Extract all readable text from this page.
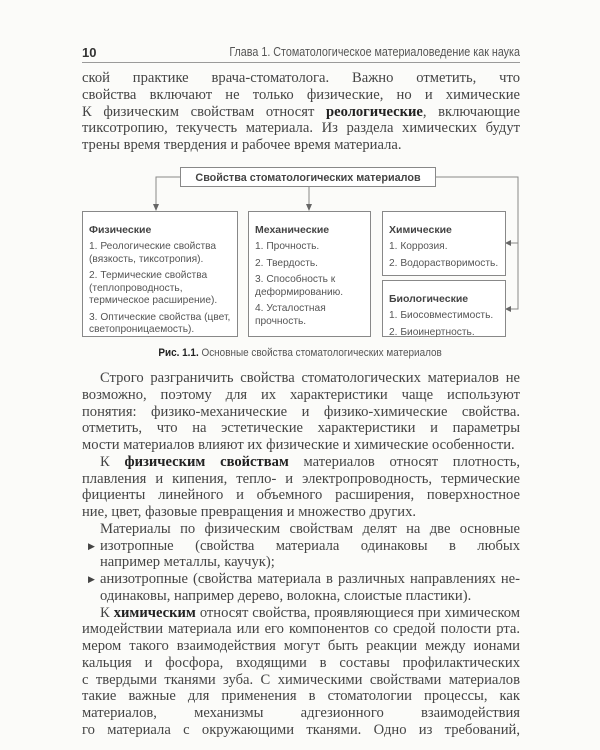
10	Глава 1. Стоматологическое материаловедение как наука
ской практике врача-стоматолога. Важно отметить, что
свойства включают не только физические, но и химические
К физическим свойствам относят реологические, включающие
тиксотропию, текучесть материала. Из раздела химических будут
трены время твердения и рабочее время материала.
Свойства стоматологических материалов
Физические
1. Реологические свойства (вязкость, тиксотропия).
2. Термические свойства (теплопроводность, термическое расширение).
3. Оптические свойства (цвет, светопроницаемость).
Механические
1. Прочность.
2. Твердость.
3. Способность к деформированию.
4. Усталостная прочность.
Химические
1. Коррозия.
2. Водорастворимость.
Биологические
1. Биосовместимость.
2. Биоинертность.
Рис. 1.1. Основные свойства стоматологических материалов
Строго разграничить свойства стоматологических материалов не
возможно, поэтому для их характеристики чаще используют
понятия: физико-механические и физико-химические свойства.
отметить, что на эстетические характеристики и параметры
мости материалов влияют их физические и химические особенности.
К физическим свойствам материалов относят плотность,
плавления и кипения, тепло- и электропроводность, термические
фициенты линейного и объемного расширения, поверхностное
ние, цвет, фазовые превращения и множество других.
Материалы по физическим свойствам делят на две основные
▶ изотропные (свойства материала одинаковы в любых
например металлы, каучук);
▶ анизотропные (свойства материала в различных направлениях не-
одинаковы, например дерево, волокна, слоистые пластики).
К химическим относят свойства, проявляющиеся при химическом
имодействии материала или его компонентов со средой полости рта.
мером такого взаимодействия могут быть реакции между ионами
кальция и фосфора, входящими в составы профилактических
с твердыми тканями зуба. С химическими свойствами материалов
такие важные для применения в стоматологии процессы, как
материалов, механизмы адгезионного взаимодействия
го материала с окружающими тканями. Одно из требований,
